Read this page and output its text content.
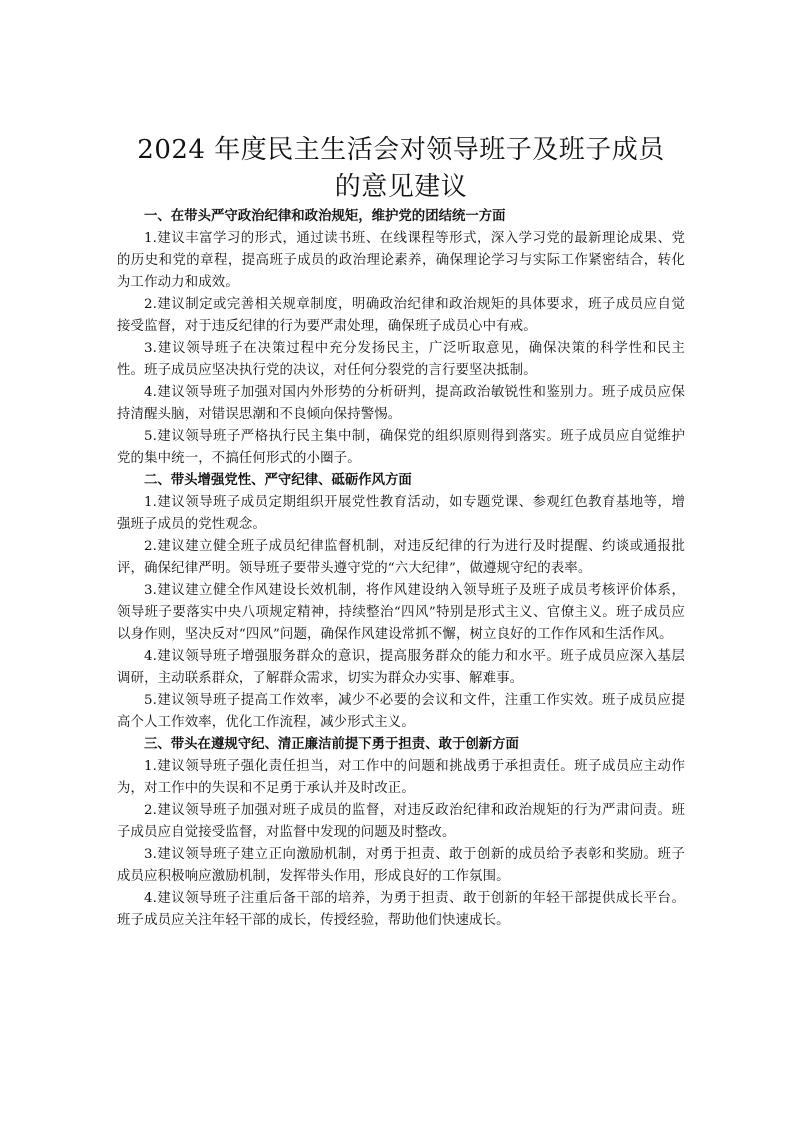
2024 年度民主生活会对领导班子及班子成员
的意见建议

一、在带头严守政治纪律和政治规矩，维护党的团结统一方面

1.建议丰富学习的形式，通过读书班、在线课程等形式，深入学习党的最新理论成果、党的历史和党的章程，提高班子成员的政治理论素养，确保理论学习与实际工作紧密结合，转化为工作动力和成效。

2.建议制定或完善相关规章制度，明确政治纪律和政治规矩的具体要求，班子成员应自觉接受监督，对于违反纪律的行为要严肃处理，确保班子成员心中有戒。

3.建议领导班子在决策过程中充分发扬民主，广泛听取意见，确保决策的科学性和民主性。班子成员应坚决执行党的决议，对任何分裂党的言行要坚决抵制。

4.建议领导班子加强对国内外形势的分析研判，提高政治敏锐性和鉴别力。班子成员应保持清醒头脑，对错误思潮和不良倾向保持警惕。

5.建议领导班子严格执行民主集中制，确保党的组织原则得到落实。班子成员应自觉维护党的集中统一，不搞任何形式的小圈子。

二、带头增强党性、严守纪律、砥砺作风方面

1.建议领导班子成员定期组织开展党性教育活动，如专题党课、参观红色教育基地等，增强班子成员的党性观念。

2.建议建立健全班子成员纪律监督机制，对违反纪律的行为进行及时提醒、约谈或通报批评，确保纪律严明。领导班子要带头遵守党的“六大纪律”，做遵规守纪的表率。

3.建议建立健全作风建设长效机制，将作风建设纳入领导班子及班子成员考核评价体系，领导班子要落实中央八项规定精神，持续整治“四风”特别是形式主义、官僚主义。班子成员应以身作则，坚决反对“四风”问题，确保作风建设常抓不懈，树立良好的工作作风和生活作风。

4.建议领导班子增强服务群众的意识，提高服务群众的能力和水平。班子成员应深入基层调研，主动联系群众，了解群众需求，切实为群众办实事、解难事。

5.建议领导班子提高工作效率，减少不必要的会议和文件，注重工作实效。班子成员应提高个人工作效率，优化工作流程，减少形式主义。

三、带头在遵规守纪、清正廉洁前提下勇于担责、敢于创新方面

1.建议领导班子强化责任担当，对工作中的问题和挑战勇于承担责任。班子成员应主动作为，对工作中的失误和不足勇于承认并及时改正。

2.建议领导班子加强对班子成员的监督，对违反政治纪律和政治规矩的行为严肃问责。班子成员应自觉接受监督，对监督中发现的问题及时整改。

3.建议领导班子建立正向激励机制，对勇于担责、敢于创新的成员给予表彰和奖励。班子成员应积极响应激励机制，发挥带头作用，形成良好的工作氛围。

4.建议领导班子注重后备干部的培养，为勇于担责、敢于创新的年轻干部提供成长平台。班子成员应关注年轻干部的成长，传授经验，帮助他们快速成长。
